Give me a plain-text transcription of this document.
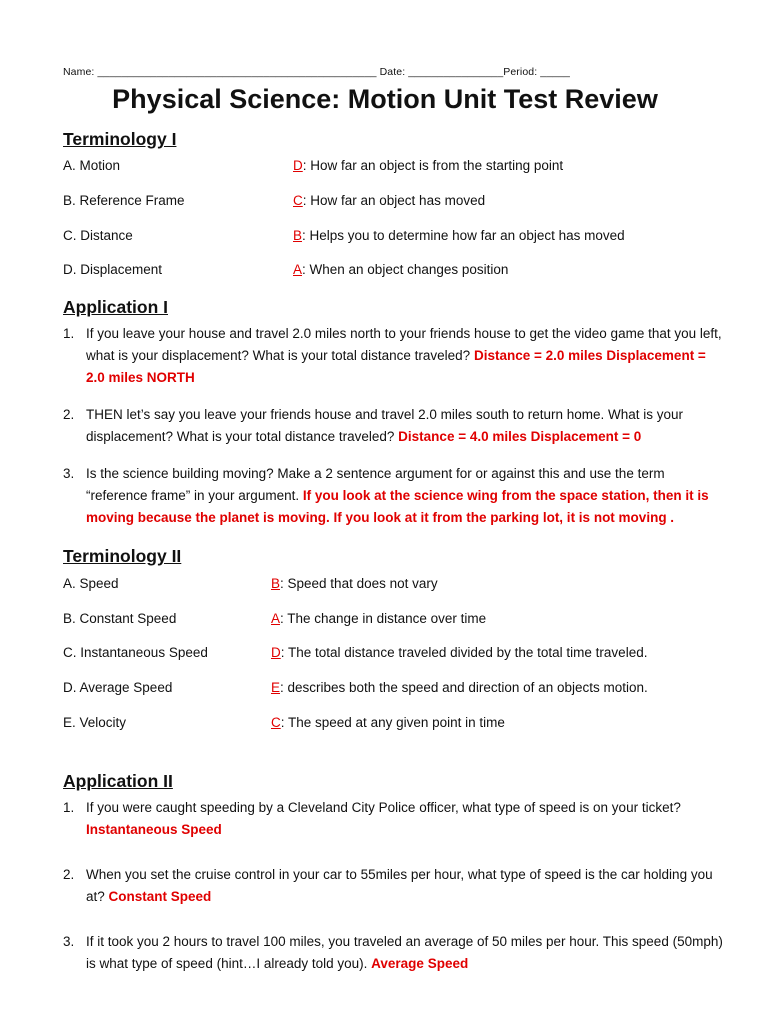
Name: _______________________________________________ Date: ________________Period: _____
Physical Science: Motion Unit Test Review
Terminology I
A. Motion	D: How far an object is from the starting point
B. Reference Frame	C: How far an object has moved
C. Distance	B: Helps you to determine how far an object has moved
D. Displacement	A: When an object changes position
Application I
1. If you leave your house and travel 2.0 miles north to your friends house to get the video game that you left, what is your displacement? What is your total distance traveled? Distance = 2.0 miles Displacement = 2.0 miles NORTH
2. THEN let’s say you leave your friends house and travel 2.0 miles south to return home. What is your displacement? What is your total distance traveled? Distance = 4.0 miles Displacement = 0
3. Is the science building moving? Make a 2 sentence argument for or against this and use the term “reference frame” in your argument. If you look at the science wing from the space station, then it is moving because the planet is moving. If you look at it from the parking lot, it is not moving .
Terminology II
A. Speed	B: Speed that does not vary
B. Constant Speed	A: The change in distance over time
C. Instantaneous Speed	D: The total distance traveled divided by the total time traveled.
D. Average Speed	E: describes both the speed and direction of an objects motion.
E. Velocity	C: The speed at any given point in time
Application II
1. If you were caught speeding by a Cleveland City Police officer, what type of speed is on your ticket? Instantaneous Speed
2. When you set the cruise control in your car to 55miles per hour, what type of speed is the car holding you at? Constant Speed
3. If it took you 2 hours to travel 100 miles, you traveled an average of 50 miles per hour. This speed (50mph) is what type of speed (hint…I already told you). Average Speed
